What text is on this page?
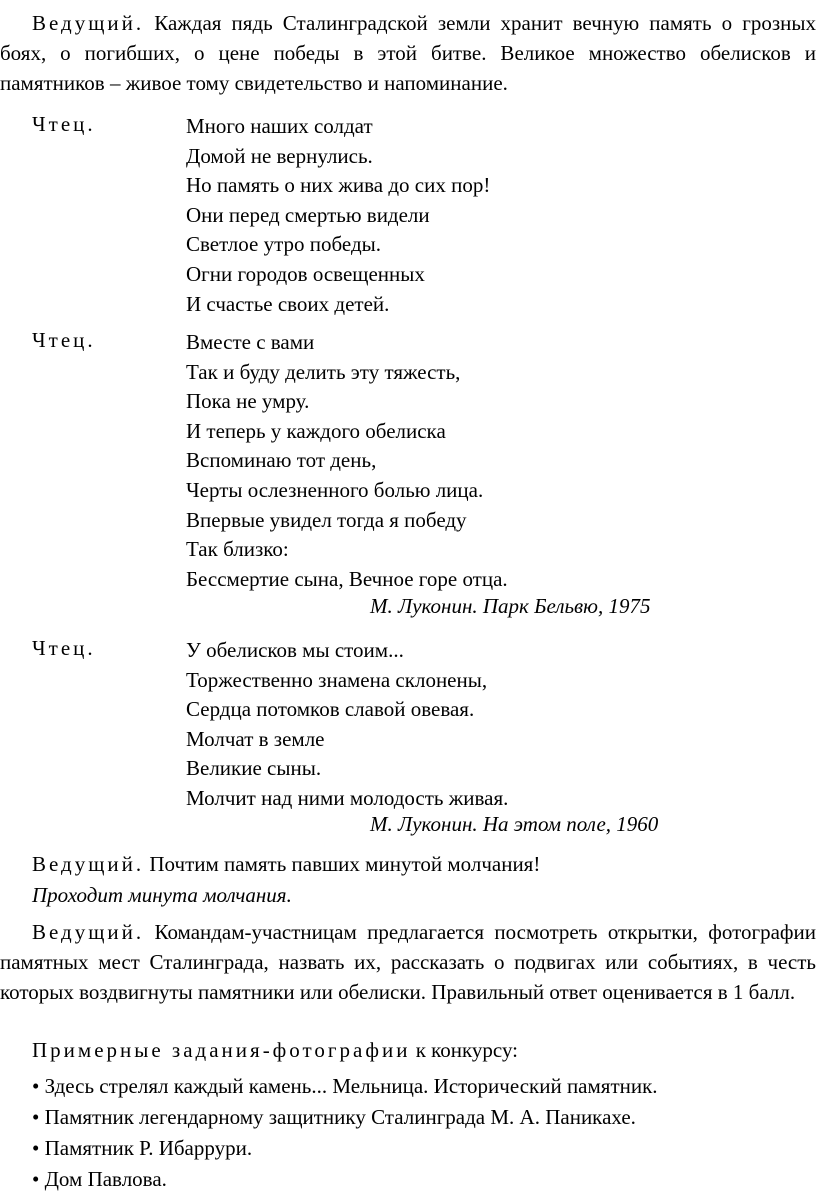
Ведущий. Каждая пядь Сталинградской земли хранит вечную память о грозных боях, о погибших, о цене победы в этой битве. Великое множество обелисков и памятников – живое тому свидетельство и напоминание.
Чтец.	Много наших солдат
Домой не вернулись.
Но память о них жива до сих пор!
Они перед смертью видели
Светлое утро победы.
Огни городов освещенных
И счастье своих детей.
Чтец.	Вместе с вами
Так и буду делить эту тяжесть,
Пока не умру.
И теперь у каждого обелиска
Вспоминаю тот день,
Черты ослезненного болью лица.
Впервые увидел тогда я победу
Так близко:
Бессмертие сына, Вечное горе отца.
М. Луконин. Парк Бельвю, 1975
Чтец.	У обелисков мы стоим...
Торжественно знамена склонены,
Сердца потомков славой овевая.
Молчат в земле
Великие сыны.
Молчит над ними молодость живая.
М. Луконин. На этом поле, 1960
Ведущий. Почтим память павших минутой молчания!
Проходит минута молчания.
Ведущий. Командам-участницам предлагается посмотреть открытки, фотографии памятных мест Сталинграда, назвать их, рассказать о подвигах или событиях, в честь которых воздвигнуты памятники или обелиски. Правильный ответ оценивается в 1 балл.
Примерные задания-фотографии к конкурсу:
• Здесь стрелял каждый камень... Мельница. Исторический памятник.
• Памятник легендарному защитнику Сталинграда М. А. Паникахе.
• Памятник Р. Ибаррури.
• Дом Павлова.
